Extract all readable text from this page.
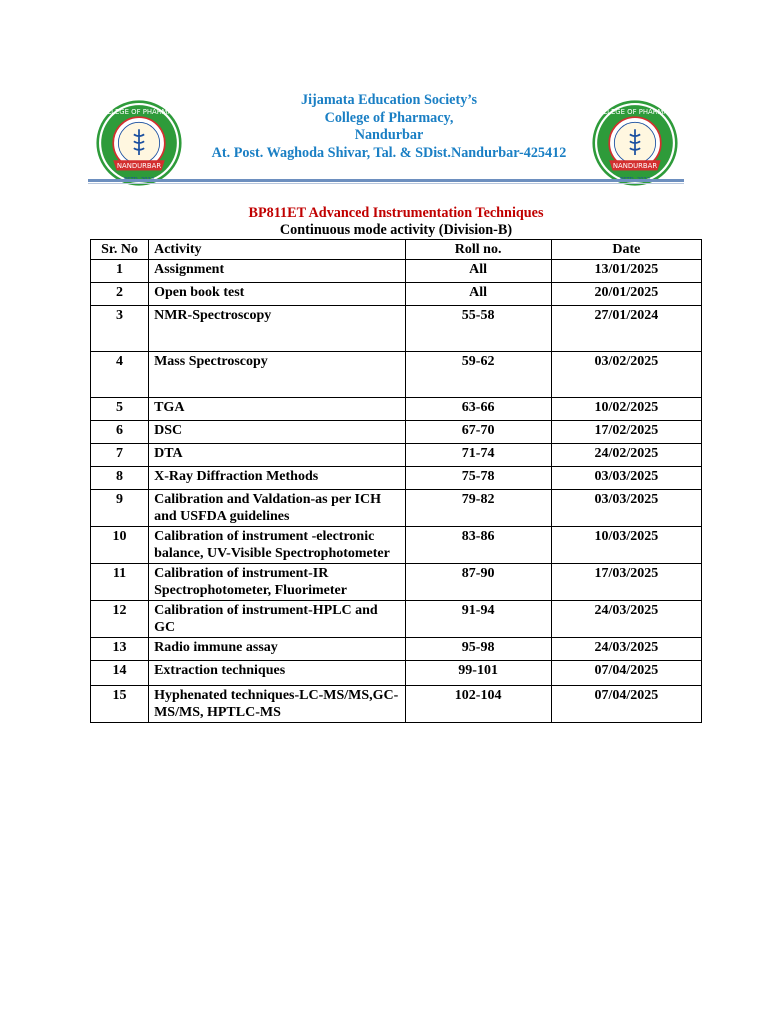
NANDURBAR
COLLEGE OF PHARMACY
Jijamata Education Society’s
College of Pharmacy,
Nandurbar
At. Post. Waghoda Shivar, Tal. & SDist.Nandurbar-425412
NANDURBAR
COLLEGE OF PHARMACY
BP811ET Advanced Instrumentation Techniques
Continuous mode activity (Division-B)
Sr. No	Activity	Roll no.	Date
1	Assignment	All	13/01/2025
2	Open book test	All	20/01/2025
3	NMR-Spectroscopy	55-58	27/01/2024
4	Mass Spectroscopy	59-62	03/02/2025
5	TGA	63-66	10/02/2025
6	DSC	67-70	17/02/2025
7	DTA	71-74	24/02/2025
8	X-Ray Diffraction Methods	75-78	03/03/2025
9	Calibration and Valdation-as per ICH and USFDA guidelines	79-82	03/03/2025
10	Calibration of instrument -electronic balance, UV-Visible Spectrophotometer	83-86	10/03/2025
11	Calibration of instrument-IR Spectrophotometer, Fluorimeter	87-90	17/03/2025
12	Calibration of instrument-HPLC and GC	91-94	24/03/2025
13	Radio immune assay	95-98	24/03/2025
14	Extraction techniques	99-101	07/04/2025
15	Hyphenated techniques-LC-MS/MS,GC-MS/MS, HPTLC-MS	102-104	07/04/2025
